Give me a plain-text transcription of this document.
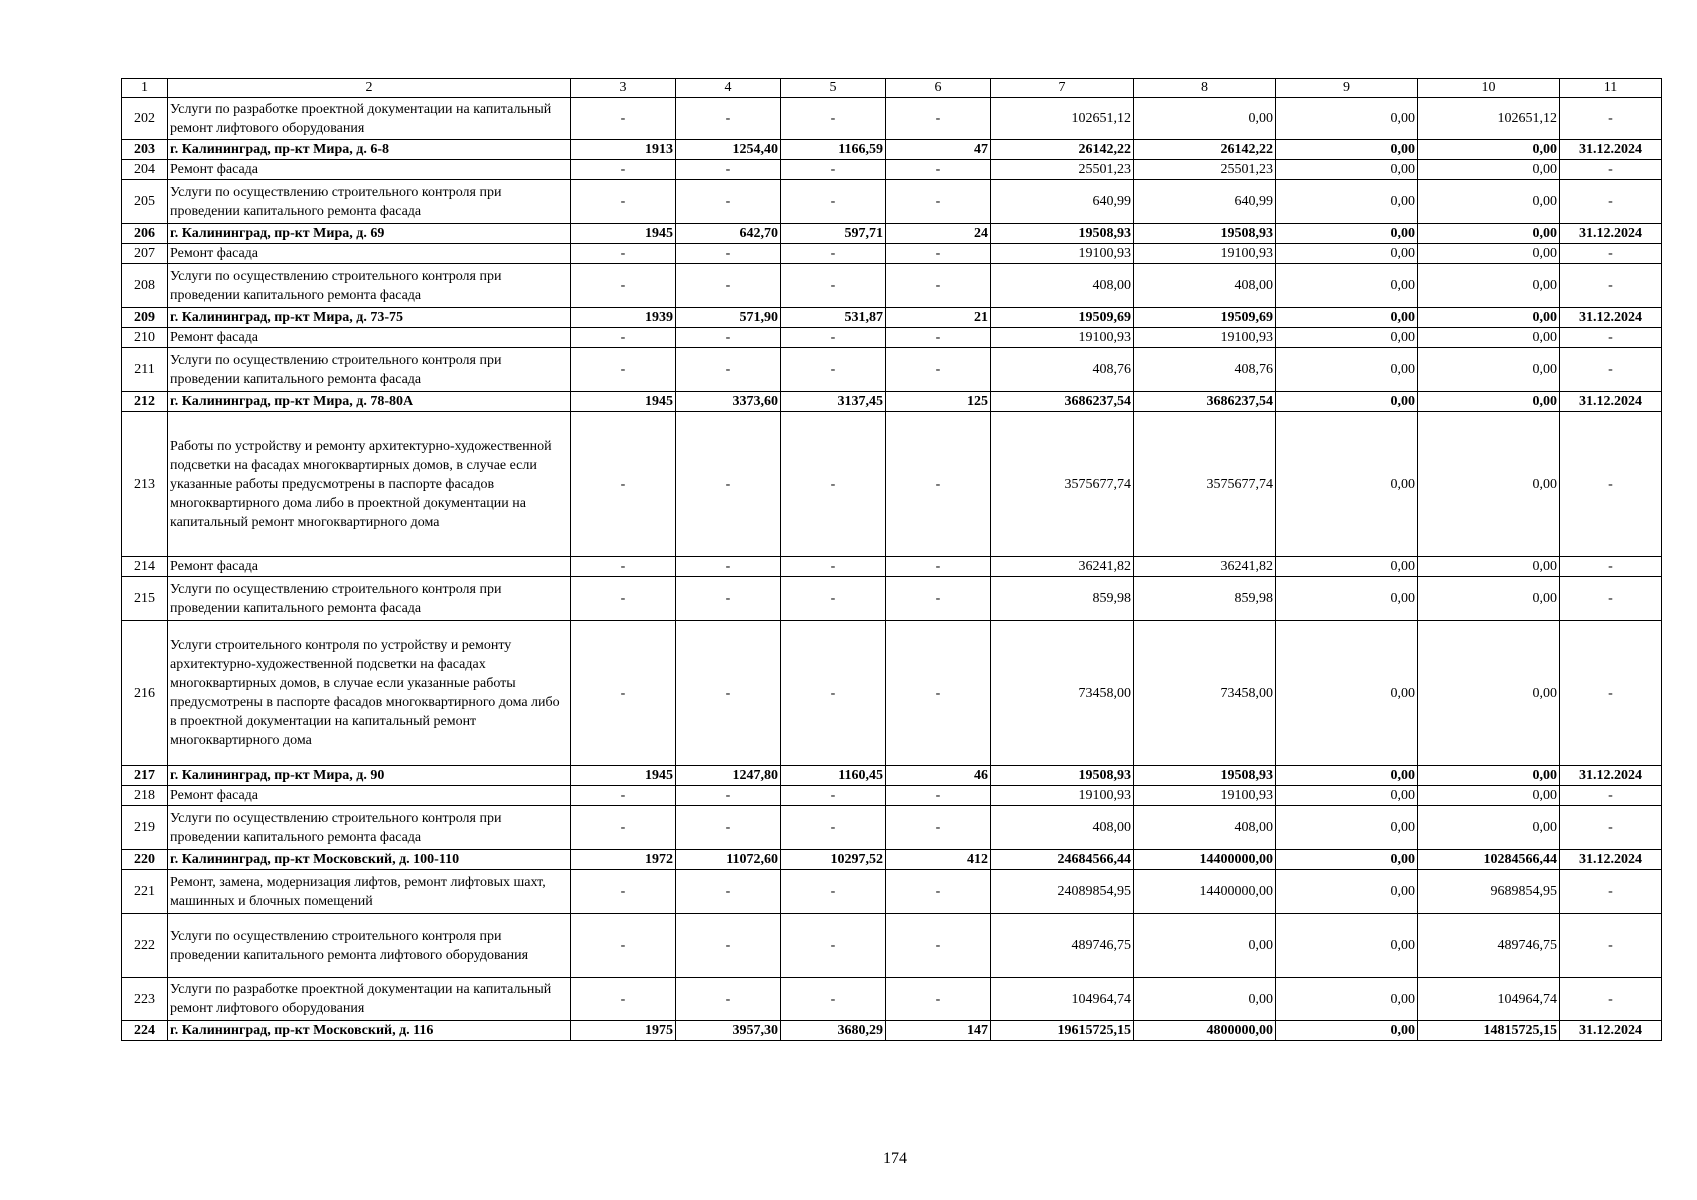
1	2	3	4	5	6	7	8	9	10	11
202	Услуги по разработке проектной документации на капитальный ремонт лифтового оборудования	-	-	-	-	102651,12	0,00	0,00	102651,12	-
203	г. Калининград, пр-кт Мира, д. 6-8	1913	1254,40	1166,59	47	26142,22	26142,22	0,00	0,00	31.12.2024
204	Ремонт фасада	-	-	-	-	25501,23	25501,23	0,00	0,00	-
205	Услуги по осуществлению строительного контроля при проведении капитального ремонта фасада	-	-	-	-	640,99	640,99	0,00	0,00	-
206	г. Калининград, пр-кт Мира, д. 69	1945	642,70	597,71	24	19508,93	19508,93	0,00	0,00	31.12.2024
207	Ремонт фасада	-	-	-	-	19100,93	19100,93	0,00	0,00	-
208	Услуги по осуществлению строительного контроля при проведении капитального ремонта фасада	-	-	-	-	408,00	408,00	0,00	0,00	-
209	г. Калининград, пр-кт Мира, д. 73-75	1939	571,90	531,87	21	19509,69	19509,69	0,00	0,00	31.12.2024
210	Ремонт фасада	-	-	-	-	19100,93	19100,93	0,00	0,00	-
211	Услуги по осуществлению строительного контроля при проведении капитального ремонта фасада	-	-	-	-	408,76	408,76	0,00	0,00	-
212	г. Калининград, пр-кт Мира, д. 78-80А	1945	3373,60	3137,45	125	3686237,54	3686237,54	0,00	0,00	31.12.2024
213	Работы по устройству и ремонту архитектурно-художественной подсветки на фасадах многоквартирных домов, в случае если указанные работы предусмотрены в паспорте фасадов многоквартирного дома либо в проектной документации на капитальный ремонт многоквартирного дома	-	-	-	-	3575677,74	3575677,74	0,00	0,00	-
214	Ремонт фасада	-	-	-	-	36241,82	36241,82	0,00	0,00	-
215	Услуги по осуществлению строительного контроля при проведении капитального ремонта фасада	-	-	-	-	859,98	859,98	0,00	0,00	-
216	Услуги строительного контроля по устройству и ремонту архитектурно-художественной подсветки на фасадах многоквартирных домов, в случае если указанные работы предусмотрены в паспорте фасадов многоквартирного дома либо в проектной документации на капитальный ремонт многоквартирного дома	-	-	-	-	73458,00	73458,00	0,00	0,00	-
217	г. Калининград, пр-кт Мира, д. 90	1945	1247,80	1160,45	46	19508,93	19508,93	0,00	0,00	31.12.2024
218	Ремонт фасада	-	-	-	-	19100,93	19100,93	0,00	0,00	-
219	Услуги по осуществлению строительного контроля при проведении капитального ремонта фасада	-	-	-	-	408,00	408,00	0,00	0,00	-
220	г. Калининград, пр-кт Московский, д. 100-110	1972	11072,60	10297,52	412	24684566,44	14400000,00	0,00	10284566,44	31.12.2024
221	Ремонт, замена, модернизация лифтов, ремонт лифтовых шахт, машинных и блочных помещений	-	-	-	-	24089854,95	14400000,00	0,00	9689854,95	-
222	Услуги по осуществлению строительного контроля при проведении капитального ремонта лифтового оборудования	-	-	-	-	489746,75	0,00	0,00	489746,75	-
223	Услуги по разработке проектной документации на капитальный ремонт лифтового оборудования	-	-	-	-	104964,74	0,00	0,00	104964,74	-
224	г. Калининград, пр-кт Московский, д. 116	1975	3957,30	3680,29	147	19615725,15	4800000,00	0,00	14815725,15	31.12.2024
174
